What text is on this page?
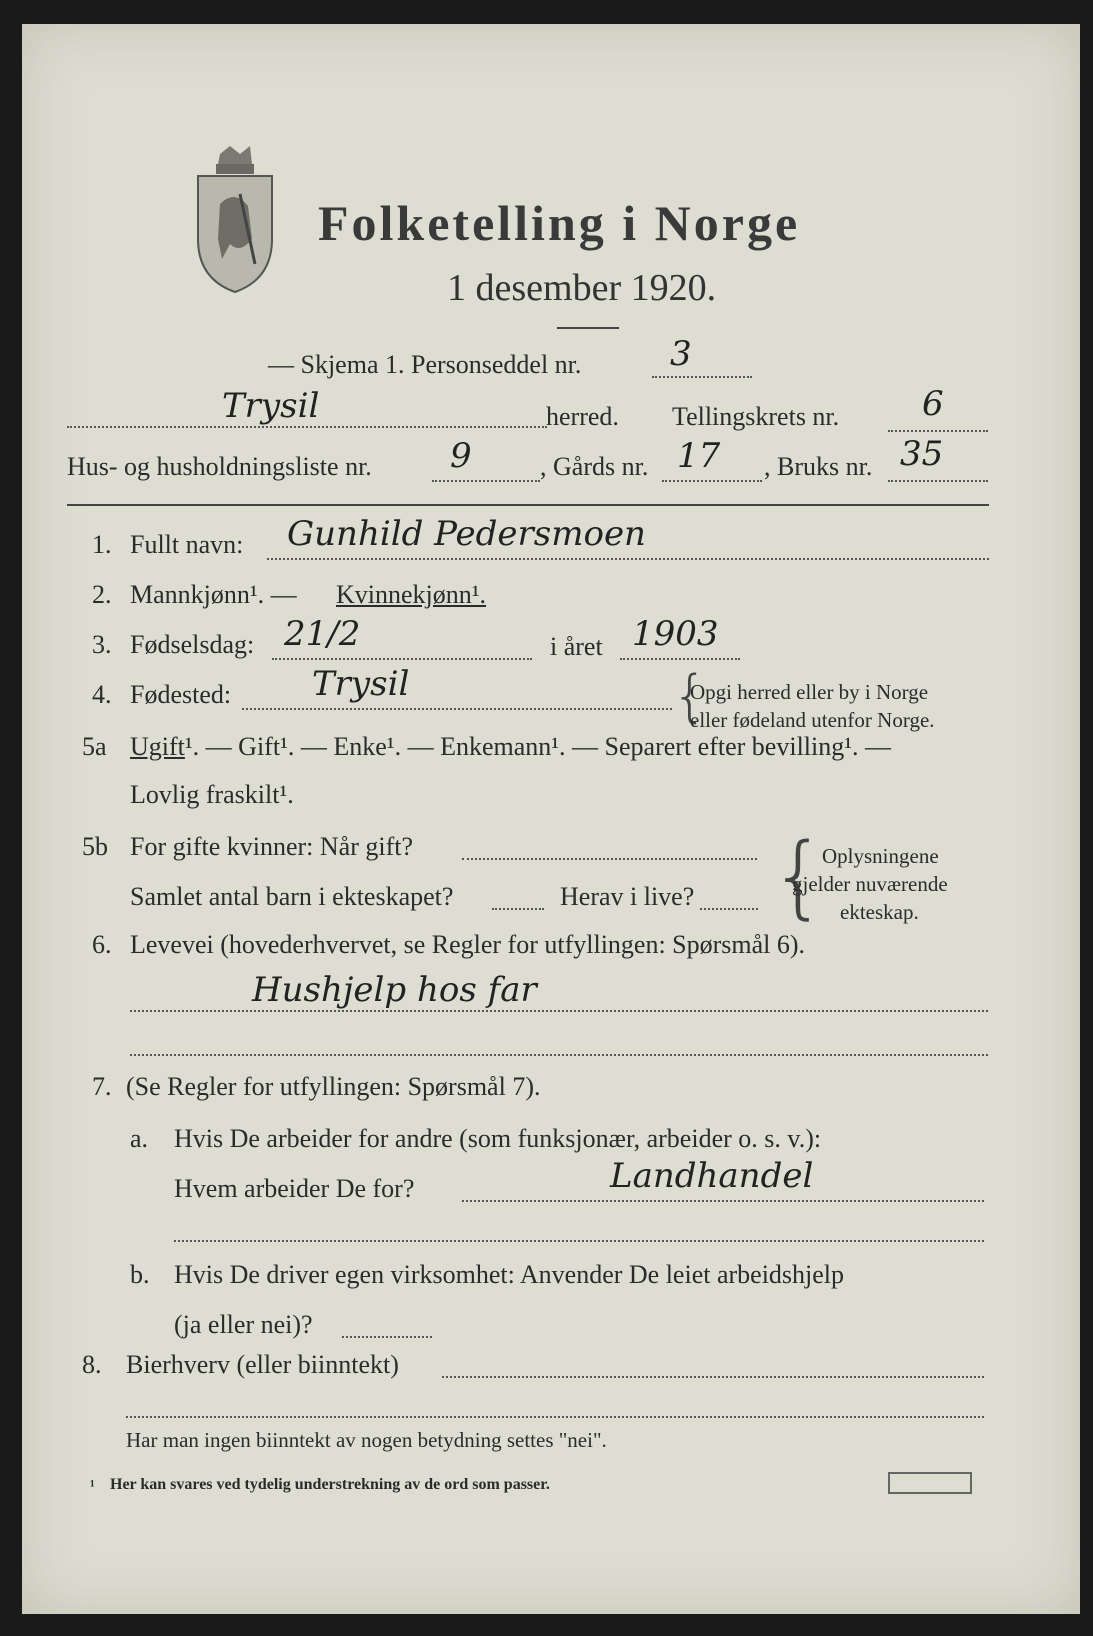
Folketelling i Norge
1 desember 1920.
— Skjema 1. Personseddel nr.	3
Trysil	herred. Tellingskrets nr. 6
Hus- og husholdningsliste nr. 9	, Gårds nr. 17 , Bruks nr. 35
1. Fullt navn: Gunhild Pedersmoen
2. Mannkjønn¹. — Kvinnekjønn¹.
3. Fødselsdag: 21/2	i året 1903
4. Fødested: Trysil	{
Opgi herred eller by i Norge
eller fødeland utenfor Norge.
5a Ugift¹. — Gift¹. — Enke¹. — Enkemann¹. — Separert efter bevilling¹. —
Lovlig fraskilt¹.
5b For gifte kvinner: Når gift?
Samlet antal barn i ekteskapet?	Herav i live? {
Oplysningene
gjelder nuværende
ekteskap.
6. Levevei (hovederhvervet, se Regler for utfyllingen: Spørsmål 6).
Hushjelp hos far
7. (Se Regler for utfyllingen: Spørsmål 7).
a. Hvis De arbeider for andre (som funksjonær, arbeider o. s. v.):
Hvem arbeider De for?	Landhandel
b. Hvis De driver egen virksomhet: Anvender De leiet arbeidshjelp
(ja eller nei)?
8. Bierhverv (eller biinntekt)
Har man ingen biinntekt av nogen betydning settes "nei".
¹ Her kan svares ved tydelig understrekning av de ord som passer.
